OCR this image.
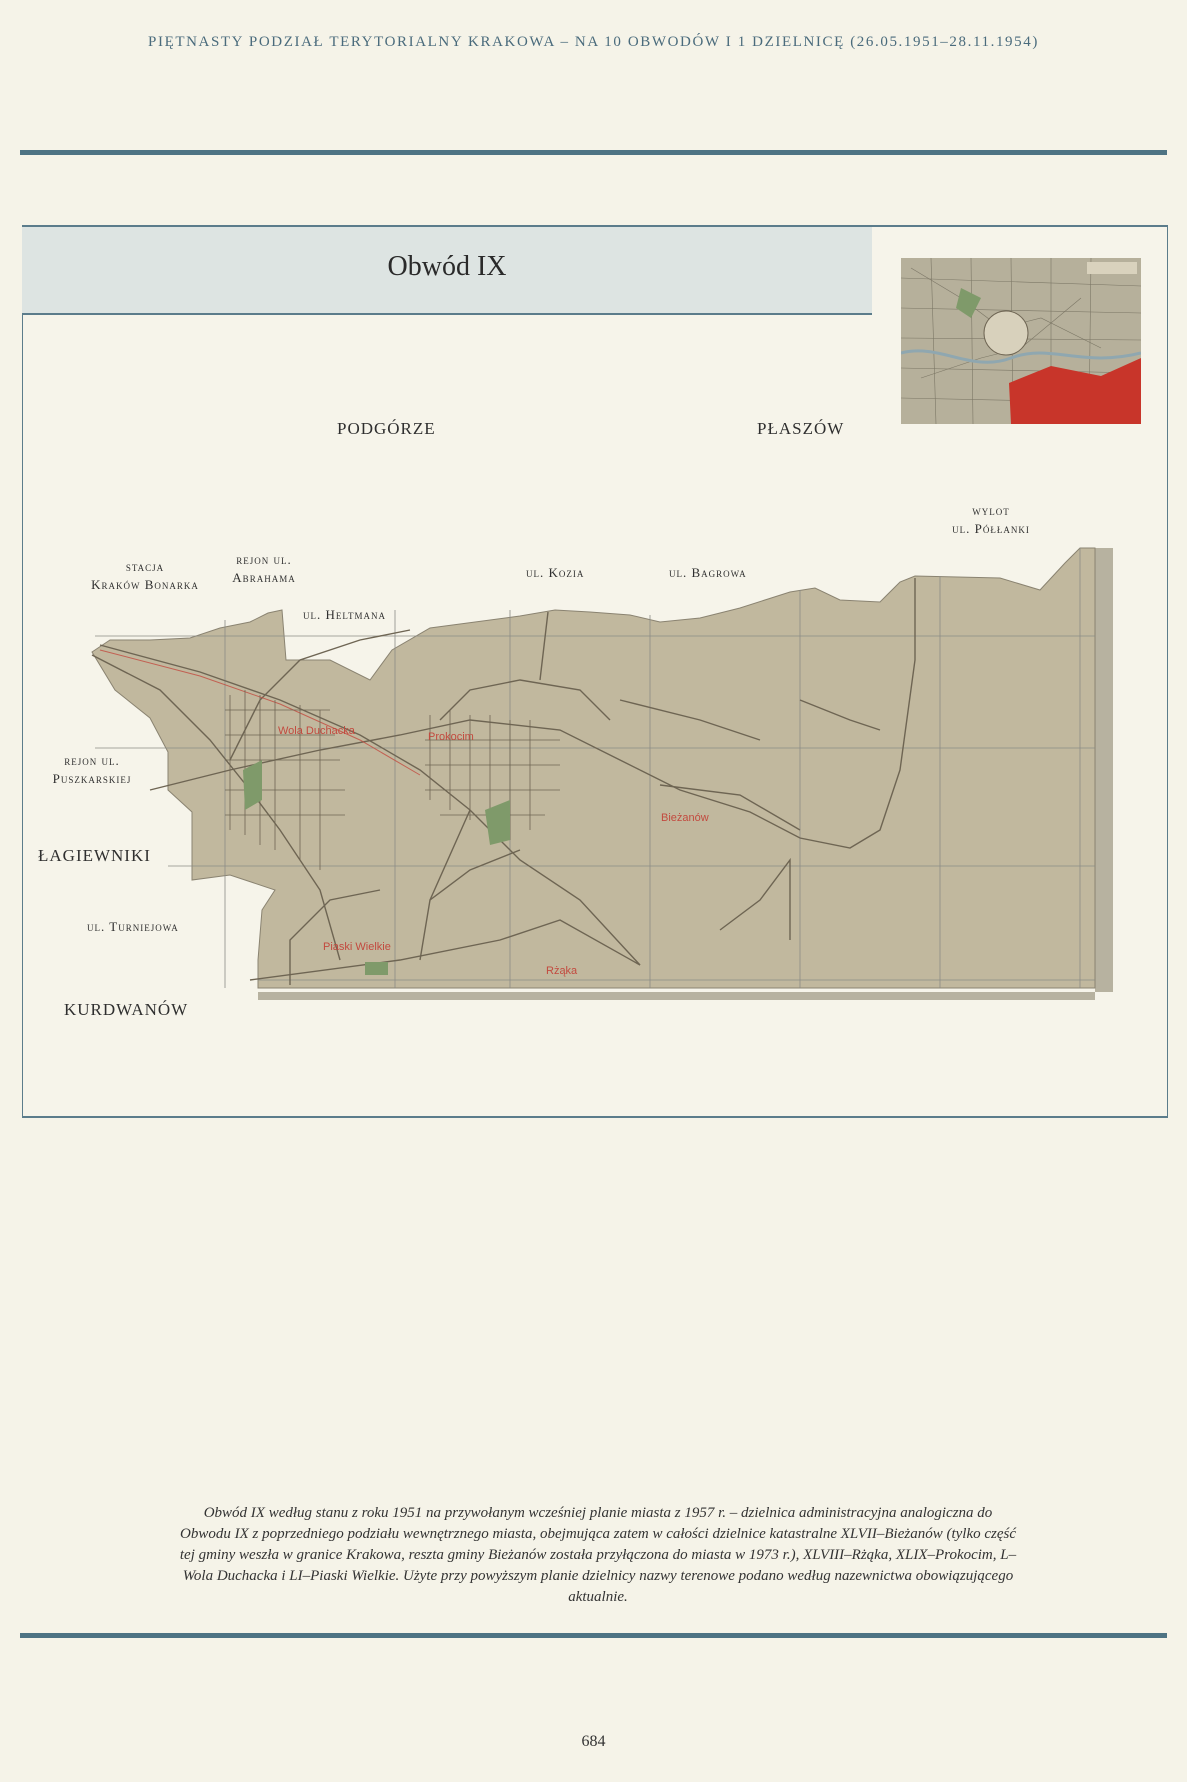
PIĘTNASTY PODZIAŁ TERYTORIALNY KRAKOWA – NA 10 OBWODÓW I 1 DZIELNICĘ (26.05.1951–28.11.1954)
Obwód IX
Wola Duchacka	Prokocim
Bieżanów
Piaski Wielkie
Rżąka
PODGÓRZE	PŁASZÓW
wylot
ul. Półłanki
stacja
Kraków Bonarka
rejon ul.
Abrahama
ul. Heltmana
ul. Kozia	ul. Bagrowa
rejon ul.
Puszkarskiej
ŁAGIEWNIKI
ul. Turniejowa
KURDWANÓW
Obwód IX według stanu z roku 1951 na przywołanym wcześniej planie miasta z 1957 r. – dzielnica administracyjna analogiczna do Obwodu IX z poprzedniego podziału wewnętrznego miasta, obejmująca zatem w całości dzielnice katastralne XLVII–Bieżanów (tylko część tej gminy weszła w granice Krakowa, reszta gminy Bieżanów została przyłączona do miasta w 1973 r.), XLVIII–Rżąka, XLIX–Prokocim, L–Wola Duchacka i LI–Piaski Wielkie. Użyte przy powyższym planie dzielnicy nazwy terenowe podano według nazewnictwa obowiązującego aktualnie.
684
